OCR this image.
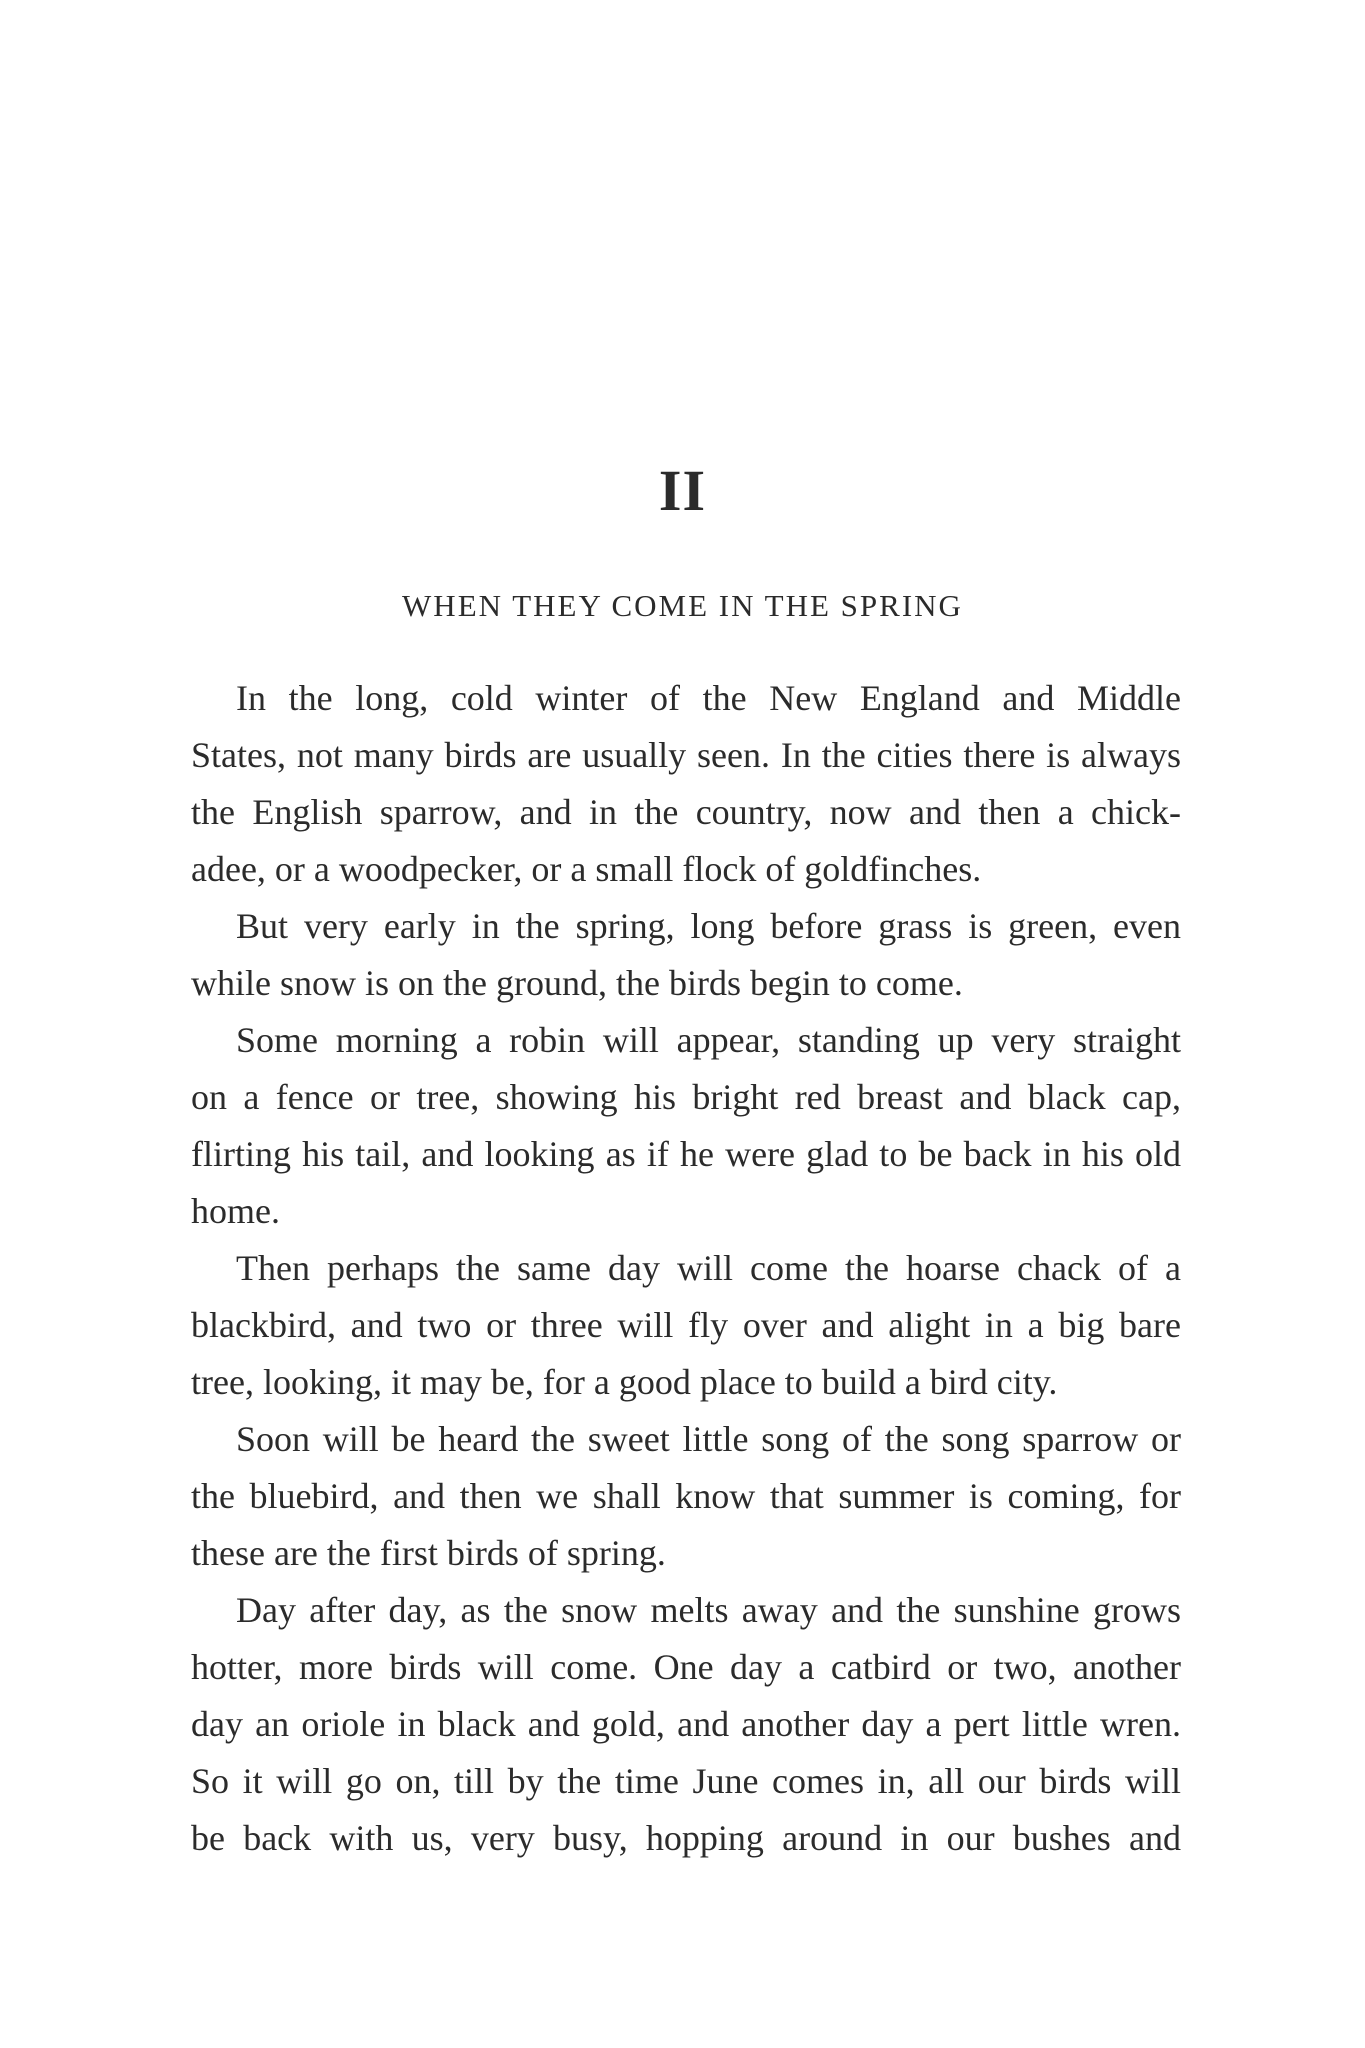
II
WHEN THEY COME IN THE SPRING

In the long, cold winter of the New England and Middle
States, not many birds are usually seen. In the cities there is always
the English sparrow, and in the country, now and then a chick-
adee, or a woodpecker, or a small flock of goldfinches.

But very early in the spring, long before grass is green, even
while snow is on the ground, the birds begin to come.

Some morning a robin will appear, standing up very straight
on a fence or tree, showing his bright red breast and black cap,
flirting his tail, and looking as if he were glad to be back in his old
home.

Then perhaps the same day will come the hoarse chack of a
blackbird, and two or three will fly over and alight in a big bare
tree, looking, it may be, for a good place to build a bird city.

Soon will be heard the sweet little song of the song sparrow or
the bluebird, and then we shall know that summer is coming, for
these are the first birds of spring.

Day after day, as the snow melts away and the sunshine grows
hotter, more birds will come. One day a catbird or two, another
day an oriole in black and gold, and another day a pert little wren.
So it will go on, till by the time June comes in, all our birds will
be back with us, very busy, hopping around in our bushes and
